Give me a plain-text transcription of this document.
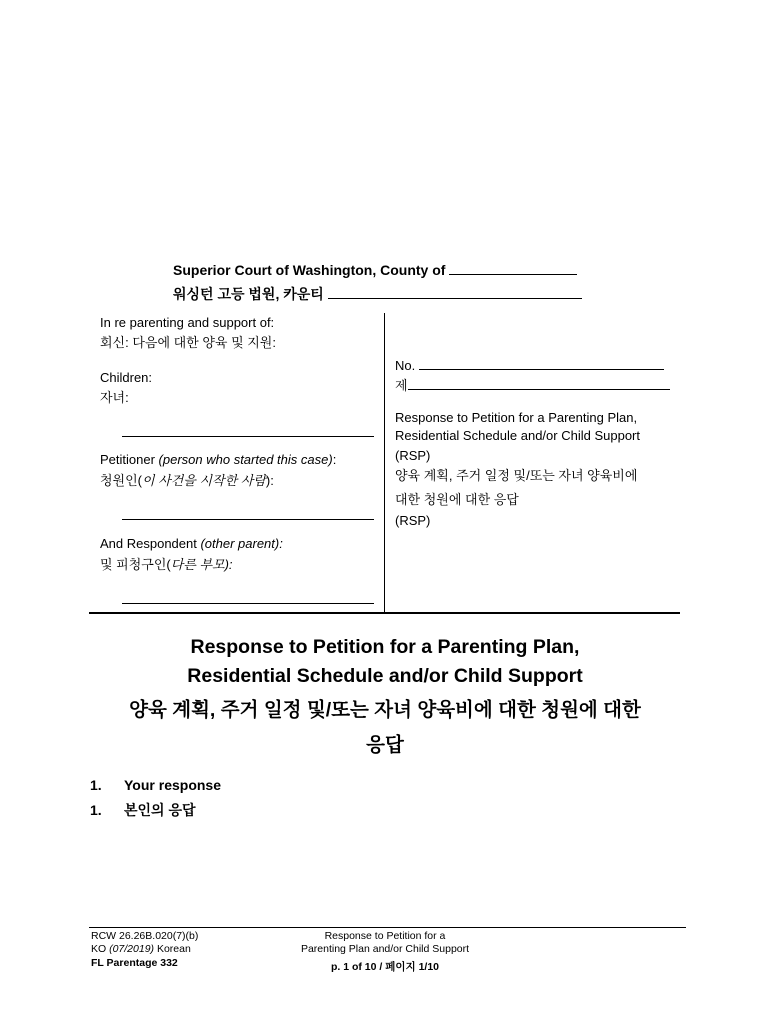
Superior Court of Washington, County of
워싱턴 고등 법원, 카운티
In re parenting and support of:
회신: 다음에 대한 양육 및 지원:
Children:
자녀:
Petitioner (person who started this case):
청원인(이 사건을 시작한 사람):
And Respondent (other parent):
및 피청구인(다른 부모):
No.
제
Response to Petition for a Parenting Plan,
Residential Schedule and/or Child Support
(RSP)
양육 계획, 주거 일정 및/또는 자녀 양육비에
대한 청원에 대한 응답
(RSP)
Response to Petition for a Parenting Plan,
Residential Schedule and/or Child Support
양육 계획, 주거 일정 및/또는 자녀 양육비에 대한 청원에 대한
응답
1. Your response
1. 본인의 응답
RCW 26.26B.020(7)(b)
KO (07/2019) Korean
FL Parentage 332
Response to Petition for a
Parenting Plan and/or Child Support
p. 1 of 10 / 페이지 1/10
